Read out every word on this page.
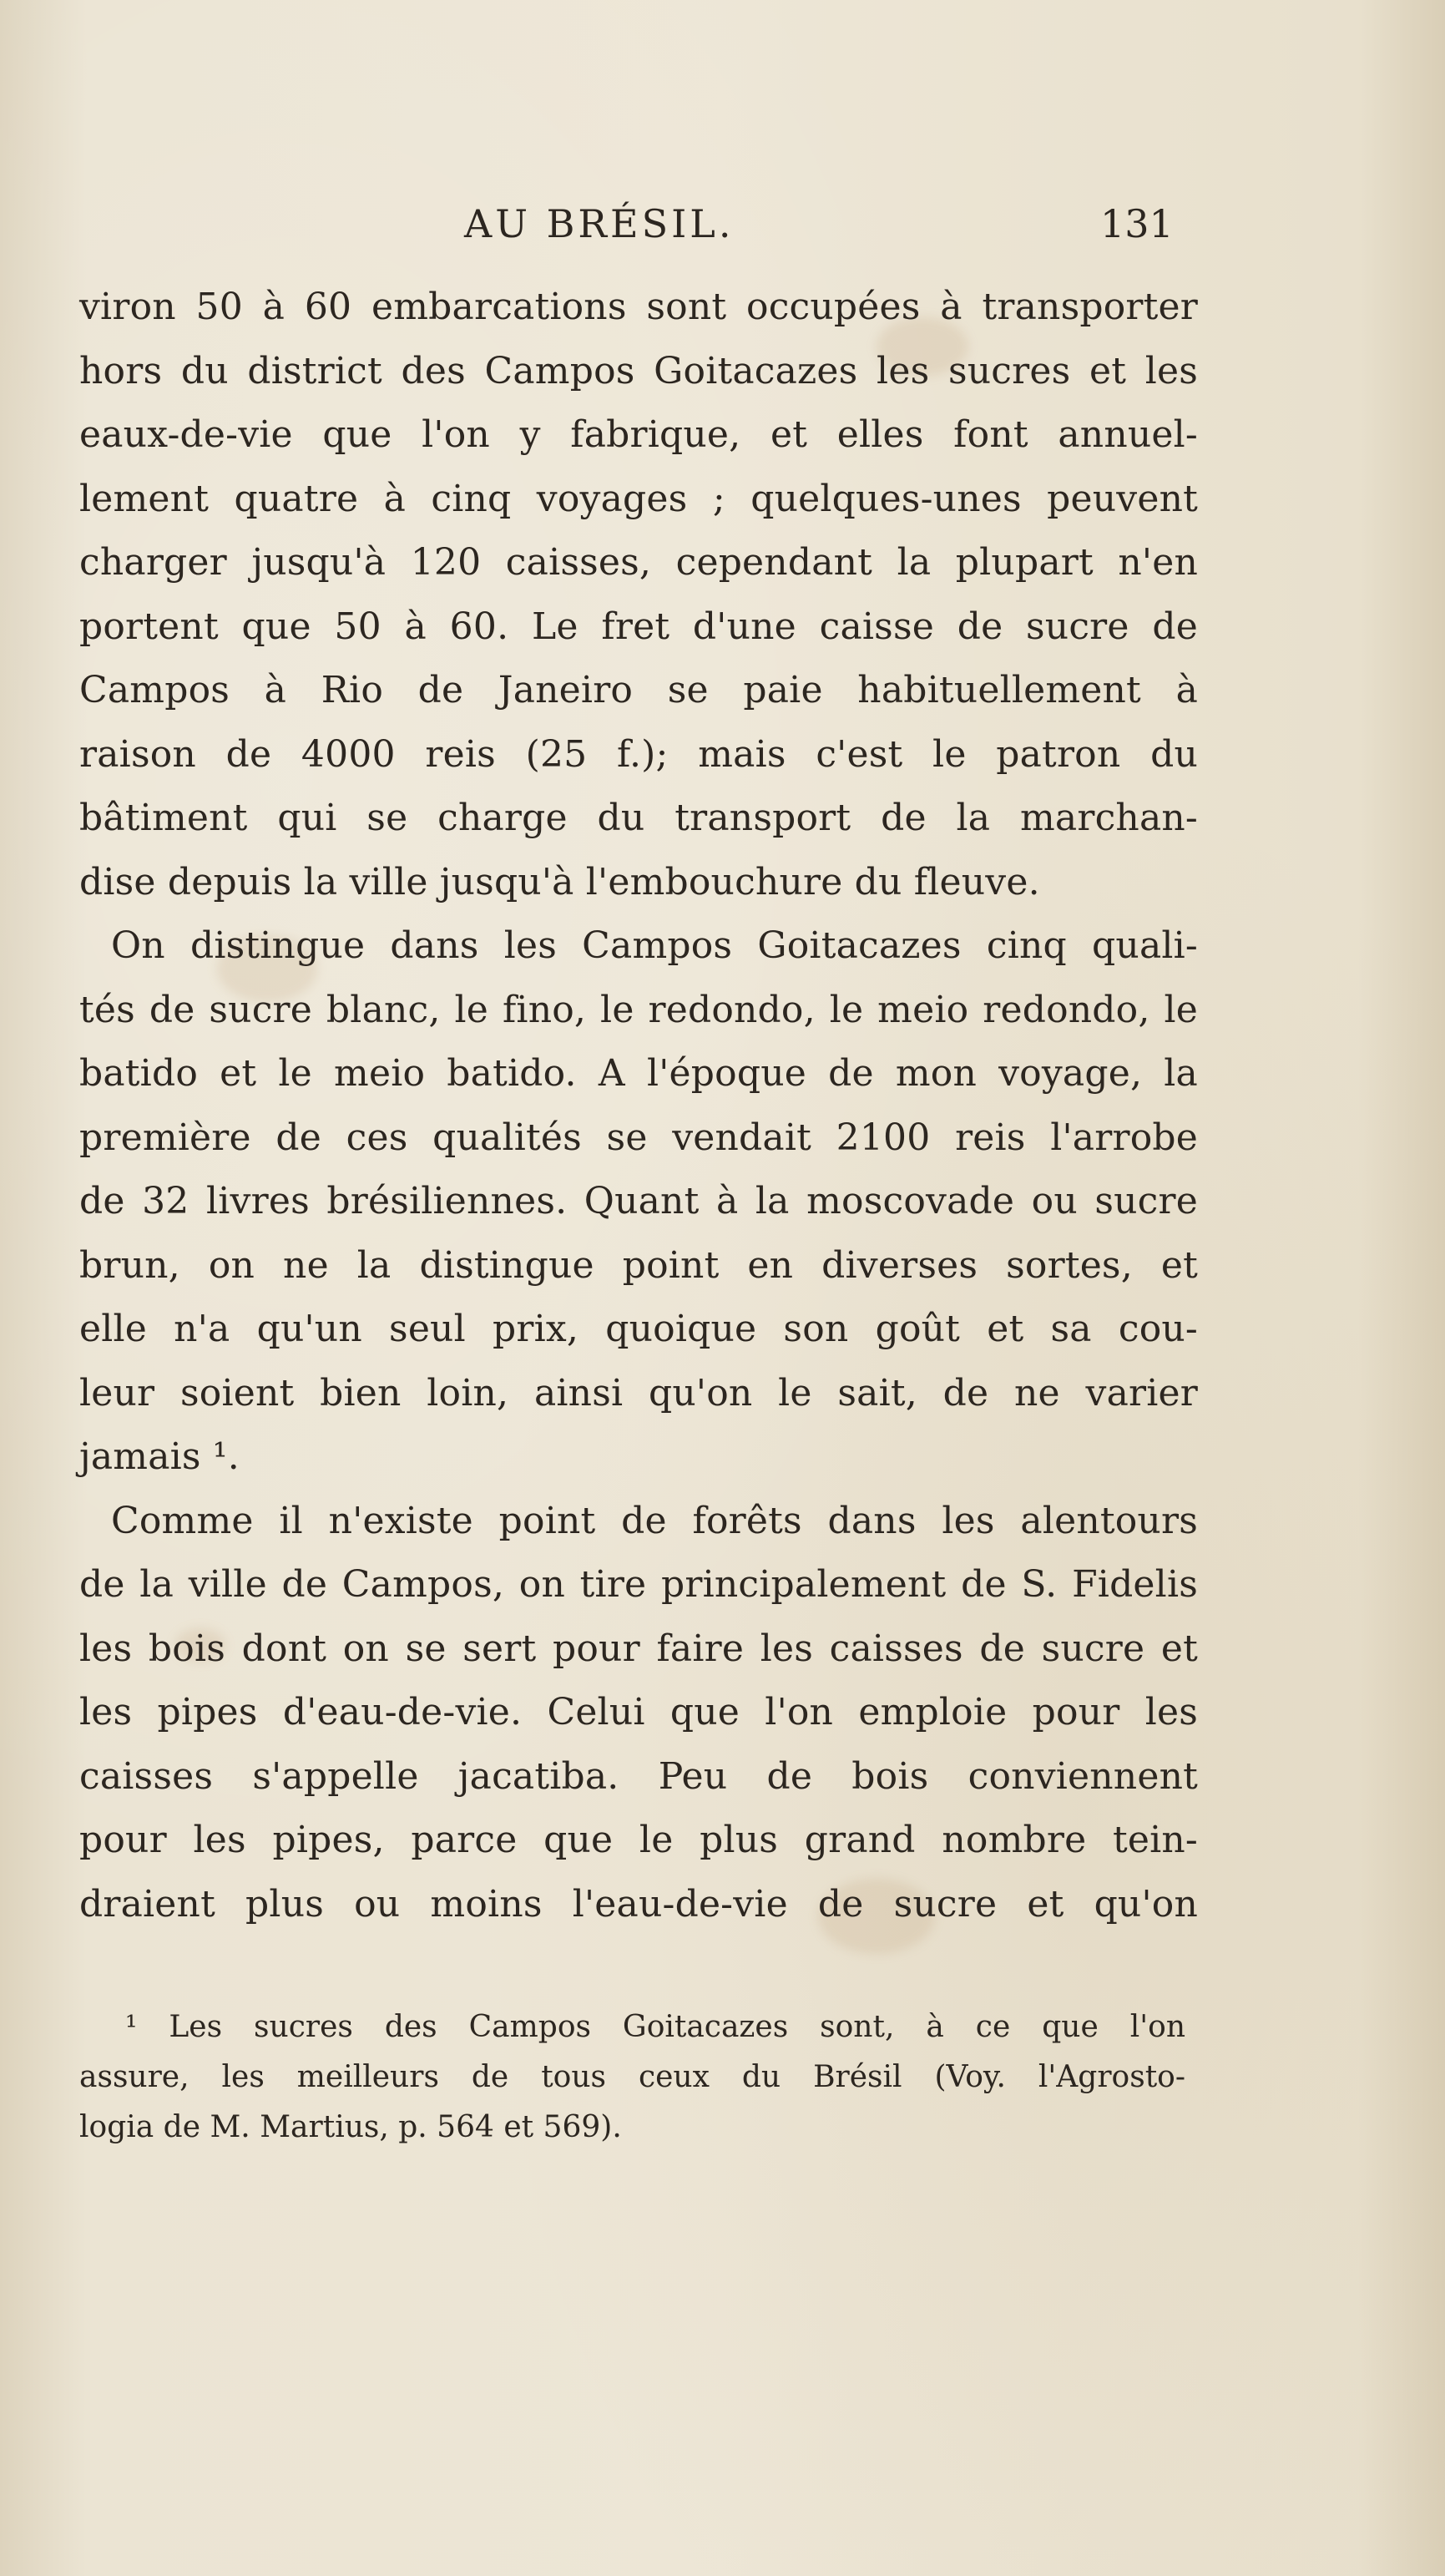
AU BRÉSIL.	131
viron 50 à 60 embarcations sont occupées à transporter
hors du district des Campos Goitacazes les sucres et les
eaux-de-vie que l'on y fabrique, et elles font annuel-
lement quatre à cinq voyages ; quelques-unes peuvent
charger jusqu'à 120 caisses, cependant la plupart n'en
portent que 50 à 60. Le fret d'une caisse de sucre de
Campos à Rio de Janeiro se paie habituellement à
raison de 4000 reis (25 f.); mais c'est le patron du
bâtiment qui se charge du transport de la marchan-
dise depuis la ville jusqu'à l'embouchure du fleuve.
On distingue dans les Campos Goitacazes cinq quali-
tés de sucre blanc, le fino, le redondo, le meio redondo, le
batido et le meio batido. A l'époque de mon voyage, la
première de ces qualités se vendait 2100 reis l'arrobe
de 32 livres brésiliennes. Quant à la moscovade ou sucre
brun, on ne la distingue point en diverses sortes, et
elle n'a qu'un seul prix, quoique son goût et sa cou-
leur soient bien loin, ainsi qu'on le sait, de ne varier
jamais ¹.
Comme il n'existe point de forêts dans les alentours
de la ville de Campos, on tire principalement de S. Fidelis
les bois dont on se sert pour faire les caisses de sucre et
les pipes d'eau-de-vie. Celui que l'on emploie pour les
caisses s'appelle jacatiba. Peu de bois conviennent
pour les pipes, parce que le plus grand nombre tein-
draient plus ou moins l'eau-de-vie de sucre et qu'on
¹ Les sucres des Campos Goitacazes sont, à ce que l'on
assure, les meilleurs de tous ceux du Brésil (Voy. l'Agrosto-
logia de M. Martius, p. 564 et 569).
